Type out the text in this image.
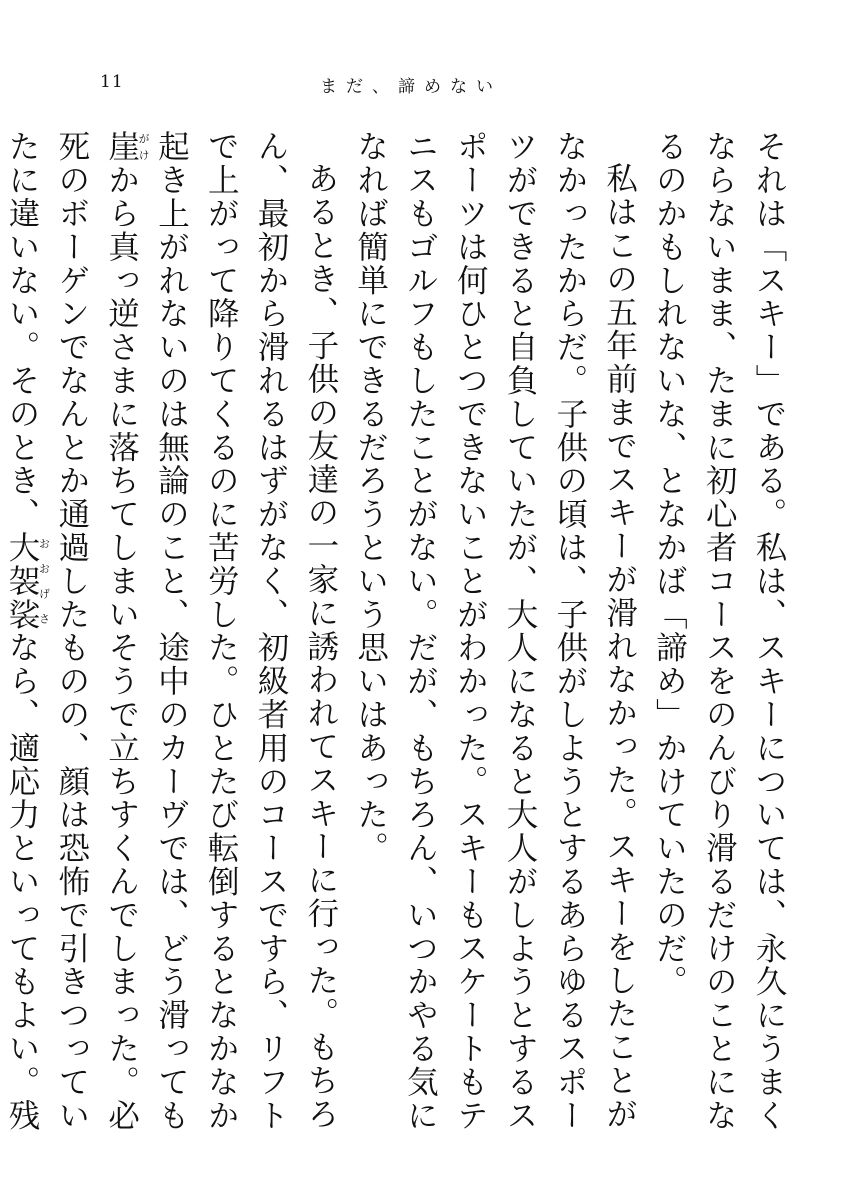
11	まだ、諦めない

それは「スキー」である。私は、スキーについては、永久にうまくならないまま、たまに初心者コースをのんびり滑るだけのことになるのかもしれないな、となかば「諦め」かけていたのだ。

私はこの五年前までスキーが滑れなかった。スキーをしたことがなかったからだ。子供の頃は、子供がしようとするあらゆるスポーツができると自負していたが、大人になると大人がしようとするスポーツは何ひとつできないことがわかった。スキーもスケートもテニスもゴルフもしたことがない。だが、もちろん、いつかやる気になれば簡単にできるだろうという思いはあった。

あるとき、子供の友達の一家に誘われてスキーに行った。もちろん、最初から滑れるはずがなく、初級者用のコースですら、リフトで上がって降りてくるのに苦労した。ひとたび転倒するとなかなか起き上がれないのは無論のこと、途中のカーヴでは、どう滑っても崖がけから真っ逆さまに落ちてしまいそうで立ちすくんでしまった。必死のボーゲンでなんとか通過したものの、顔は恐怖で引きつっていたに違いない。そのとき、大袈裟おおげさなら、適応力といってもよい。残
